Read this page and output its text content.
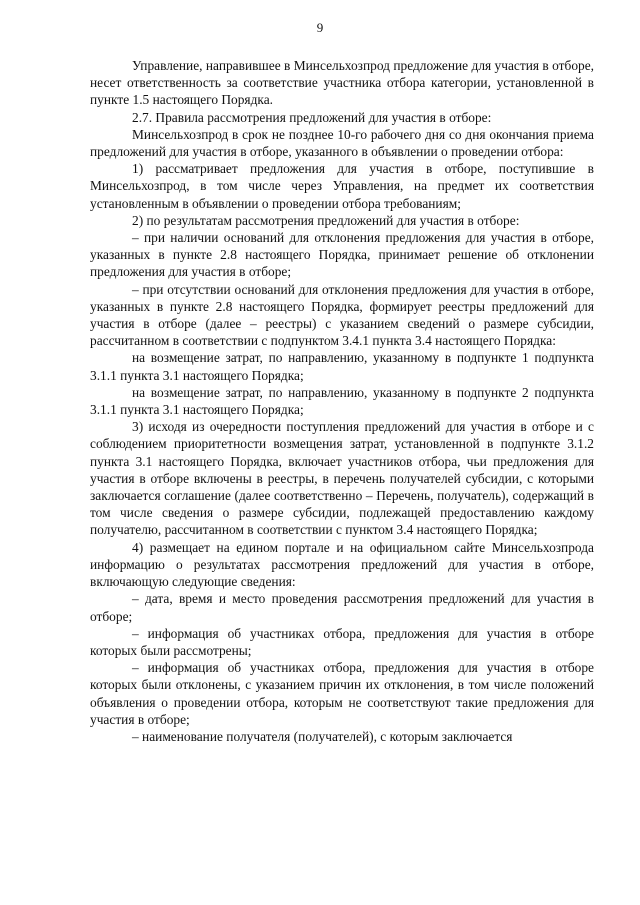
9

Управление, направившее в Минсельхозпрод предложение для участия в отборе, несет ответственность за соответствие участника отбора категории, установленной в пункте 1.5 настоящего Порядка.

2.7. Правила рассмотрения предложений для участия в отборе:

Минсельхозпрод в срок не позднее 10-го рабочего дня со дня окончания приема предложений для участия в отборе, указанного в объявлении о проведении отбора:

1) рассматривает предложения для участия в отборе, поступившие в Минсельхозпрод, в том числе через Управления, на предмет их соответствия установленным в объявлении о проведении отбора требованиям;

2) по результатам рассмотрения предложений для участия в отборе:

– при наличии оснований для отклонения предложения для участия в отборе, указанных в пункте 2.8 настоящего Порядка, принимает решение об отклонении предложения для участия в отборе;

– при отсутствии оснований для отклонения предложения для участия в отборе, указанных в пункте 2.8 настоящего Порядка, формирует реестры предложений для участия в отборе (далее – реестры) с указанием сведений о размере субсидии, рассчитанном в соответствии с подпунктом 3.4.1 пункта 3.4 настоящего Порядка:

на возмещение затрат, по направлению, указанному в подпункте 1 подпункта 3.1.1 пункта 3.1 настоящего Порядка;

на возмещение затрат, по направлению, указанному в подпункте 2 подпункта 3.1.1 пункта 3.1 настоящего Порядка;

3) исходя из очередности поступления предложений для участия в отборе и с соблюдением приоритетности возмещения затрат, установленной в подпункте 3.1.2 пункта 3.1 настоящего Порядка, включает участников отбора, чьи предложения для участия в отборе включены в реестры, в перечень получателей субсидии, с которыми заключается соглашение (далее соответственно – Перечень, получатель), содержащий в том числе сведения о размере субсидии, подлежащей предоставлению каждому получателю, рассчитанном в соответствии с пунктом 3.4 настоящего Порядка;

4) размещает на едином портале и на официальном сайте Минсельхозпрода информацию о результатах рассмотрения предложений для участия в отборе, включающую следующие сведения:

– дата, время и место проведения рассмотрения предложений для участия в отборе;

– информация об участниках отбора, предложения для участия в отборе которых были рассмотрены;

– информация об участниках отбора, предложения для участия в отборе которых были отклонены, с указанием причин их отклонения, в том числе положений объявления о проведении отбора, которым не соответствуют такие предложения для участия в отборе;

– наименование получателя (получателей), с которым заключается
